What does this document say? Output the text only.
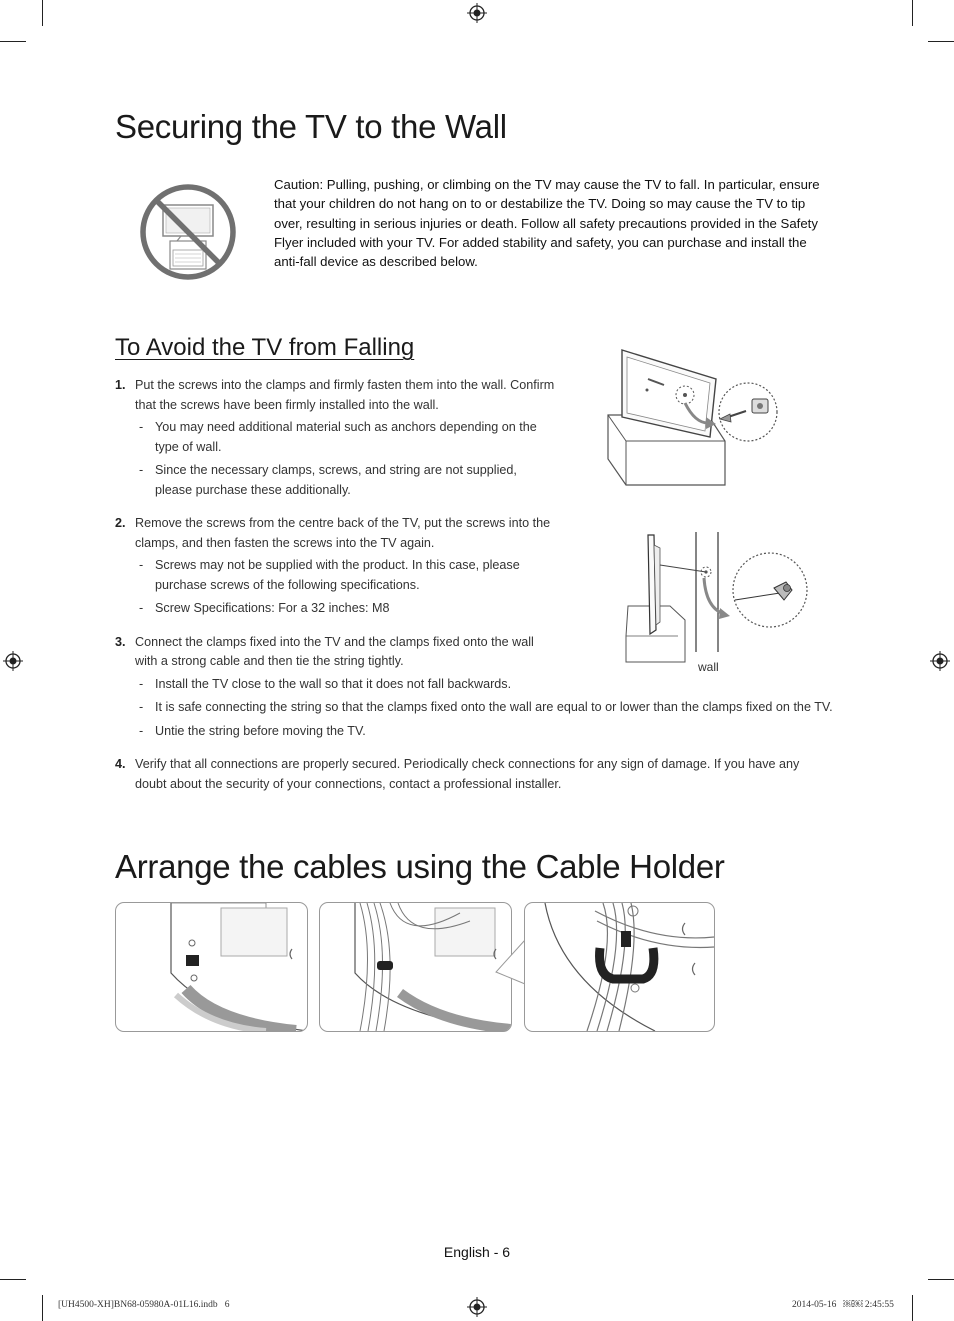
Securing the TV to the Wall

Caution: Pulling, pushing, or climbing on the TV may cause the TV to fall. In particular, ensure that your children do not hang on to or destabilize the TV. Doing so may cause the TV to tip over, resulting in serious injuries or death. Follow all safety precautions provided in the Safety Flyer included with your TV. For added stability and safety, you can purchase and install the anti-fall device as described below.

To Avoid the TV from Falling
1. Put the screws into the clamps and firmly fasten them into the wall. Confirm that the screws have been firmly installed into the wall.
- You may need additional material such as anchors depending on the type of wall.
- Since the necessary clamps, screws, and string are not supplied, please purchase these additionally.
2. Remove the screws from the centre back of the TV, put the screws into the clamps, and then fasten the screws into the TV again.
- Screws may not be supplied with the product. In this case, please purchase screws of the following specifications.
- Screw Specifications: For a 32 inches: M8
3. Connect the clamps fixed into the TV and the clamps fixed onto the wall with a strong cable and then tie the string tightly.
- Install the TV close to the wall so that it does not fall backwards.
- It is safe connecting the string so that the clamps fixed onto the wall are equal to or lower than the clamps fixed on the TV.
- Untie the string before moving the TV.
4. Verify that all connections are properly secured. Periodically check connections for any sign of damage. If you have any doubt about the security of your connections, contact a professional installer.
wall
Arrange the cables using the Cable Holder
English - 6
[UH4500-XH]BN68-05980A-01L16.indb   6	2014-05-16   ￼￼ 2:45:55
